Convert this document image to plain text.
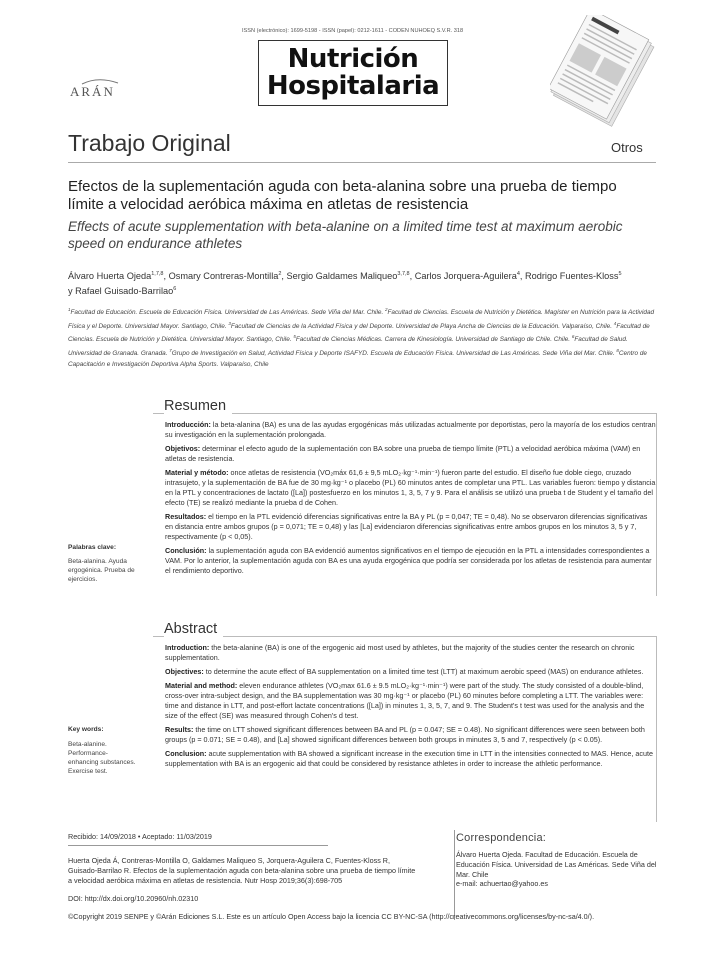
ISSN (electrónico): 1699-5198 - ISSN (papel): 0212-1611 - CODEN NUHOEQ S.V.R. 318
Nutrición
Hospitalaria
ARÁN
Trabajo Original	Otros
Efectos de la suplementación aguda con beta-alanina sobre una prueba de tiempo límite a velocidad aeróbica máxima en atletas de resistencia
Effects of acute supplementation with beta-alanine on a limited time test at maximum aerobic speed on endurance athletes
Álvaro Huerta Ojeda$^{1,7,8}$, Osmary Contreras-Montilla$^2$, Sergio Galdames Maliqueo$^{3,7,8}$, Carlos Jorquera-Aguilera$^4$, Rodrigo Fuentes-Kloss$^5$
y Rafael Guisado-Barrilao$^6$
$^1$Facultad de Educación. Escuela de Educación Física. Universidad de Las Américas. Sede Viña del Mar. Chile. $^2$Facultad de Ciencias. Escuela de Nutrición y Dietética. Magíster en Nutrición para la Actividad Física y el Deporte. Universidad Mayor. Santiago, Chile. $^3$Facultad de Ciencias de la Actividad Física y del Deporte. Universidad de Playa Ancha de Ciencias de la Educación. Valparaíso, Chile. $^4$Facultad de Ciencias. Escuela de Nutrición y Dietética. Universidad Mayor. Santiago, Chile. $^5$Facultad de Ciencias Médicas. Carrera de Kinesiología. Universidad de Santiago de Chile. Chile. $^6$Facultad de Salud. Universidad de Granada. Granada. $^7$Grupo de Investigación en Salud, Actividad Física y Deporte ISAFYD. Escuela de Educación Física. Universidad de Las Américas. Sede Viña del Mar. Chile. $^8$Centro de Capacitación e Investigación Deportiva Alpha Sports. Valparaíso, Chile
Resumen

Introducción: la beta-alanina (BA) es una de las ayudas ergogénicas más utilizadas actualmente por deportistas, pero la mayoría de los estudios centran su investigación en la suplementación prolongada.

Objetivos: determinar el efecto agudo de la suplementación con BA sobre una prueba de tiempo límite (PTL) a velocidad aeróbica máxima (VAM) en atletas de resistencia.

Material y método: once atletas de resistencia (VO₂máx 61,6 ± 9,5 mLO₂·kg⁻¹·min⁻¹) fueron parte del estudio. El diseño fue doble ciego, cruzado intrasujeto, y la suplementación de BA fue de 30 mg·kg⁻¹ o placebo (PL) 60 minutos antes de completar una PTL. Las variables fueron: tiempo y distancia en la PTL y concentraciones de lactato ([La]) postesfuerzo en los minutos 1, 3, 5, 7 y 9. Para el análisis se utilizó una prueba t de Student y el tamaño del efecto (TE) se realizó mediante la prueba d de Cohen.

Resultados: el tiempo en la PTL evidenció diferencias significativas entre la BA y PL (p = 0,047; TE = 0,48). No se observaron diferencias significativas en distancia entre ambos grupos (p = 0,071; TE = 0,48) y las [La] evidenciaron diferencias significativas entre ambos grupos en los minutos 3, 5 y 7, respectivamente (p < 0,05).

Conclusión: la suplementación aguda con BA evidenció aumentos significativos en el tiempo de ejecución en la PTL a intensidades correspondientes a VAM. Por lo anterior, la suplementación aguda con BA es una ayuda ergogénica que podría ser considerada por los atletas de resistencia para aumentar el rendimiento deportivo.

Palabras clave:
Beta-alanina. Ayuda ergogénica. Prueba de ejercicios.
Abstract

Introduction: the beta-alanine (BA) is one of the ergogenic aid most used by athletes, but the majority of the studies center the research on chronic supplementation.

Objectives: to determine the acute effect of BA supplementation on a limited time test (LTT) at maximum aerobic speed (MAS) on endurance athletes.

Material and method: eleven endurance athletes (VO₂max 61.6 ± 9.5 mLO₂·kg⁻¹·min⁻¹) were part of the study. The study consisted of a double-blind, cross-over intra-subject design, and the BA supplementation was 30 mg·kg⁻¹ or placebo (PL) 60 minutes before completing a LTT. The variables were: time and distance in LTT, and post-effort lactate concentrations ([La]) in minutes 1, 3, 5, 7, and 9. The Student's t test was used for the analysis and the size of the effect (SE) was measured through Cohen's d test.

Results: the time on LTT showed significant differences between BA and PL (p = 0.047; SE = 0.48). No significant differences were seen between both groups (p = 0.071; SE = 0.48), and [La] showed significant differences between both groups in minutes 3, 5 and 7, respectively (p < 0.05).

Conclusion: acute supplementation with BA showed a significant increase in the execution time in LTT in the intensities connected to MAS. Hence, acute supplementation with BA is an ergogenic aid that could be considered by resistance athletes in order to increase the athletic performance.

Key words:
Beta-alanine. Performance-enhancing substances. Exercise test.
Recibido: 14/09/2018 • Aceptado: 11/03/2019
Huerta Ojeda Á, Contreras-Montilla O, Galdames Maliqueo S, Jorquera-Aguilera C, Fuentes-Kloss R, Guisado-Barrilao R. Efectos de la suplementación aguda con beta-alanina sobre una prueba de tiempo límite a velocidad aeróbica máxima en atletas de resistencia. Nutr Hosp 2019;36(3):698-705
DOI: http://dx.doi.org/10.20960/nh.02310
Correspondencia:
Álvaro Huerta Ojeda. Facultad de Educación. Escuela de Educación Física. Universidad de Las Américas. Sede Viña del Mar. Chile
e-mail: achuertao@yahoo.es
©Copyright 2019 SENPE y ©Arán Ediciones S.L. Este es un artículo Open Access bajo la licencia CC BY-NC-SA (http://creativecommons.org/licenses/by-nc-sa/4.0/).
